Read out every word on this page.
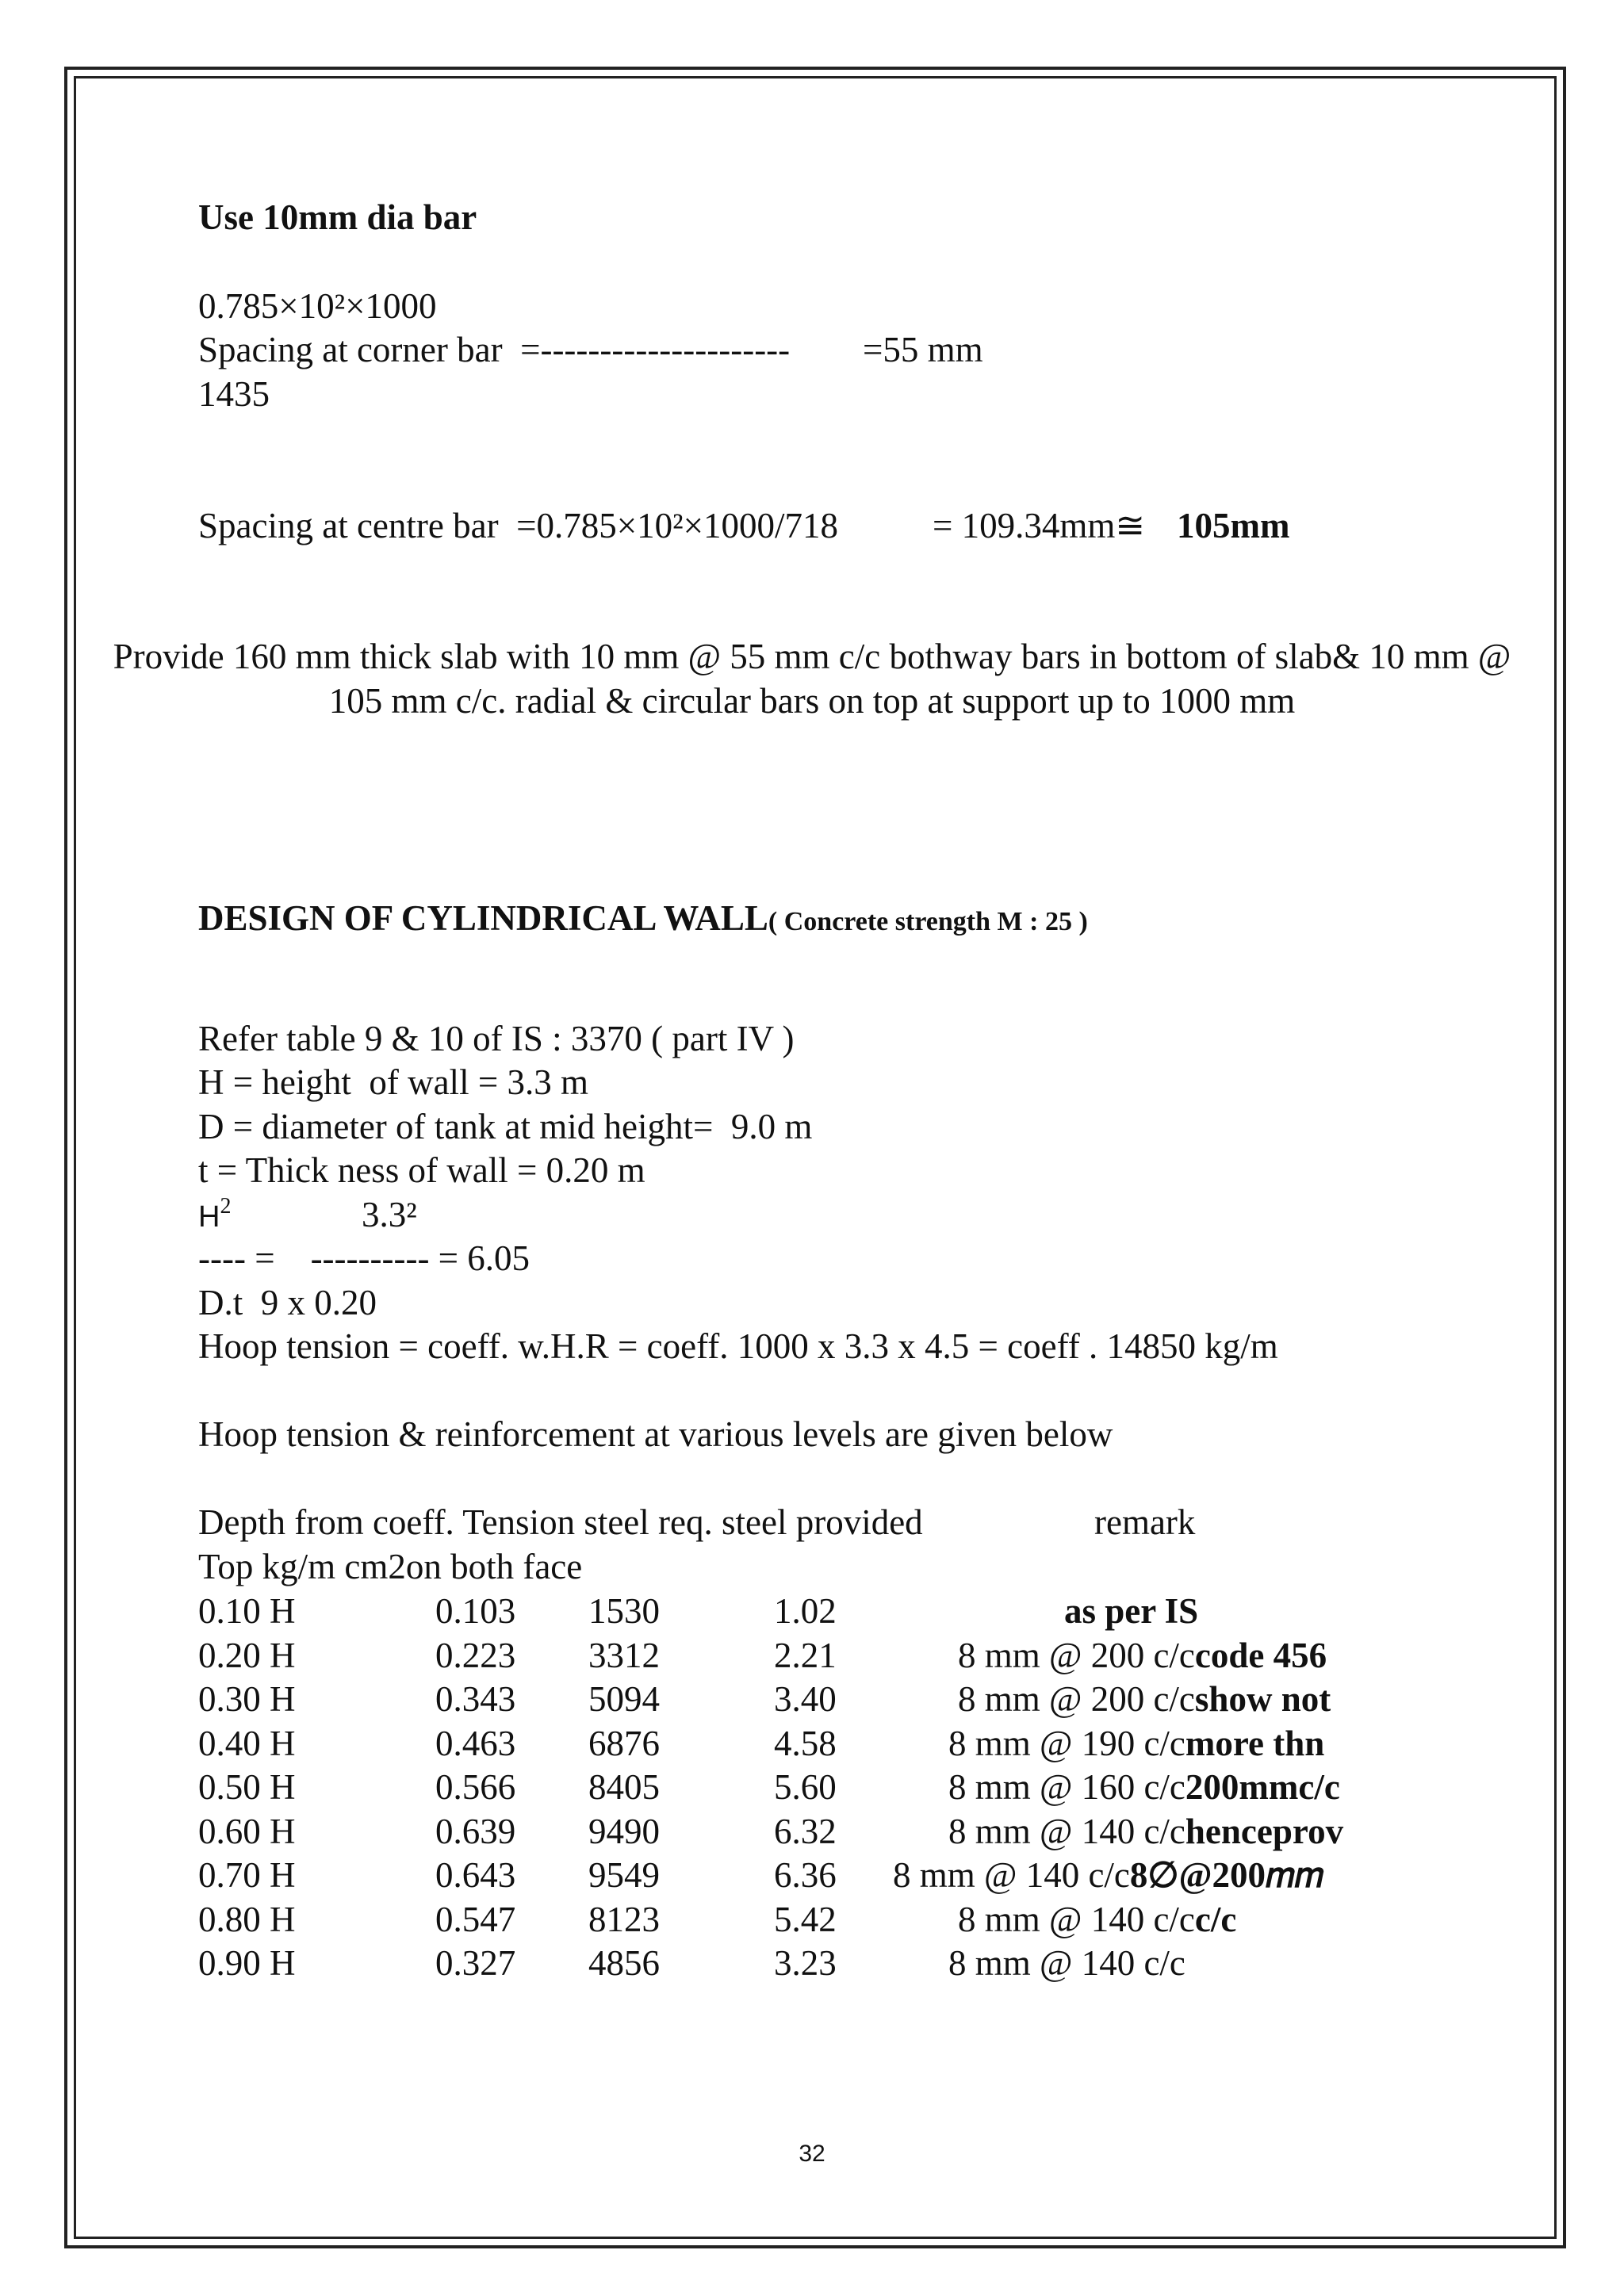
Use 10mm dia bar
0.785×10²×1000
Spacing at corner bar  =--------------------- =55 mm
1435
Spacing at centre bar  =0.785×10²×1000/718	= 109.34mm≅ 105mm
Provide 160 mm thick slab with 10 mm @ 55 mm c/c bothway bars in bottom of slab& 10 mm @ 105 mm c/c. radial & circular bars on top at support up to 1000 mm
DESIGN OF CYLINDRICAL WALL( Concrete strength M : 25 )
Refer table 9 & 10 of IS : 3370 ( part IV )
H = height  of wall = 3.3 m
D = diameter of tank at mid height=  9.0 m
t = Thick ness of wall = 0.20 m
$H^2$	3.3²
---- =    ---------- = 6.05
D.t  9 x 0.20
Hoop tension = coeff. w.H.R = coeff. 1000 x 3.3 x 4.5 = coeff . 14850 kg/m
Hoop tension & reinforcement at various levels are given below
Depth from coeff. Tension steel req. steel provided	remark
Top kg/m cm2on both face
0.10 H	0.103 1530	1.02	as per IS
0.20 H	0.223 3312	2.21	8 mm @ 200 c/ccode 456
0.30 H	0.343 5094	3.40	8 mm @ 200 c/cshow not
0.40 H	0.463 6876	4.58	8 mm @ 190 c/cmore thn
0.50 H	0.566 8405	5.60	8 mm @ 160 c/c200mmc/c
0.60 H	0.639 9490	6.32	8 mm @ 140 c/chenceprov
0.70 H	0.643 9549	6.36 8 mm @ 140 c/c8∅@200𝑚𝑚
0.80 H	0.547 8123	5.42	8 mm @ 140 c/cc/c
0.90 H	0.327 4856	3.23	8 mm @ 140 c/c
32
